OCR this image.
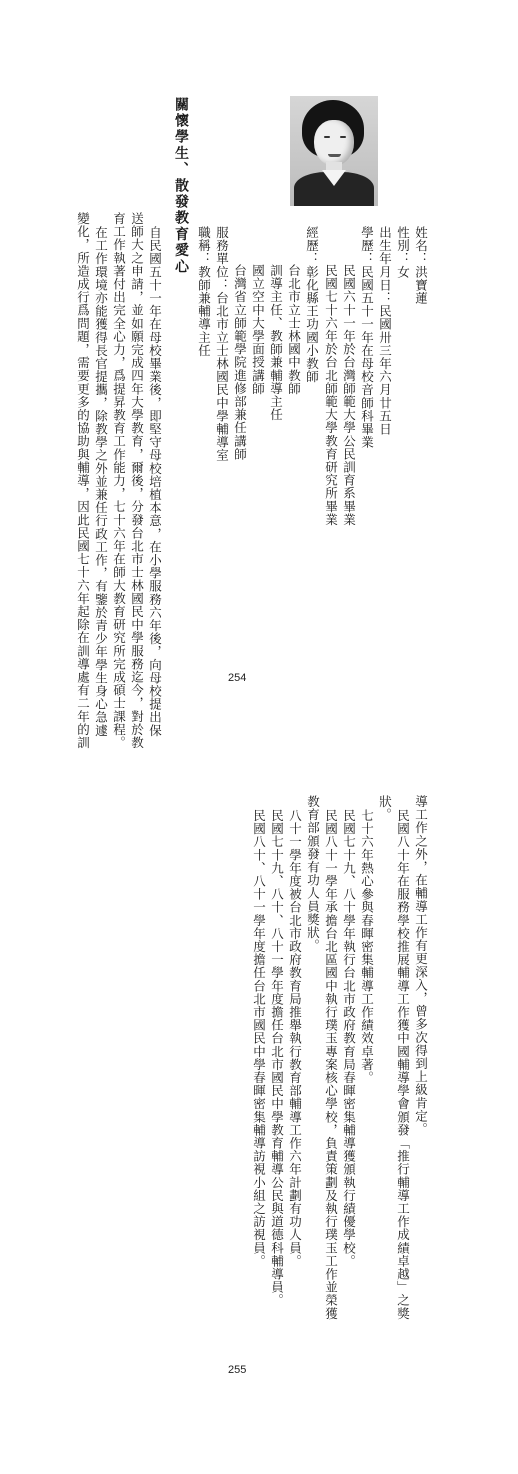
姓名：洪寶蓮
性別：女
出生年月日：民國卅三年六月廿五日
學歷：民國五十一年在母校音師科畢業
民國六十一年於台灣師範大學公民訓育系畢業
民國七十六年於台北師範大學教育研究所畢業
經歷：彰化縣王功國小教師
台北市立士林國中教師
訓導主任、教師兼輔導主任
國立空中大學面授講師
台灣省立師範學院進修部兼任講師
服務單位：台北市立士林國民中學輔導室
職稱：教師兼輔導主任
關懷學生、散發教育愛心
自民國五十一年在母校畢業後，即堅守母校培植本意，在小學服務六年後，向母校提出保
送師大之申請，並如願完成四年大學教育，爾後，分發台北市士林國民中學服務迄今，對於教
育工作執著付出完全心力，爲提昇教育工作能力，七十六年在師大教育研究所完成碩士課程。
在工作環境亦能獲得長官提攜，除教學之外並兼任行政工作，有鑒於青少年學生身心急遽
變化，所造成行爲問題，需要更多的協助與輔導，因此民國七十六年起除在訓導處有二年的訓	254
導工作之外，在輔導工作有更深入，曾多次得到上級肯定。
民國八十年在服務學校推展輔導工作獲中國輔導學會頒發「推行輔導工作成績卓越」之獎
狀。
七十六年熱心參與春暉密集輔導工作績效卓著。
民國七十九、八十學年執行台北市政府教育局春暉密集輔導獲頒執行績優學校。
民國八十一學年承擔台北區國中執行璞玉專案核心學校，負責策劃及執行璞玉工作並榮獲
教育部頒發有功人員獎狀。
八十一學年度被台北市政府教育局推舉執行教育部輔導工作六年計劃有功人員。
民國七十九、八十、八十一學年度擔任台北市國民中學教育輔導公民與道德科輔導員。
民國八十、八十一學年度擔任台北市國民中學春暉密集輔導訪視小組之訪視員。
255
